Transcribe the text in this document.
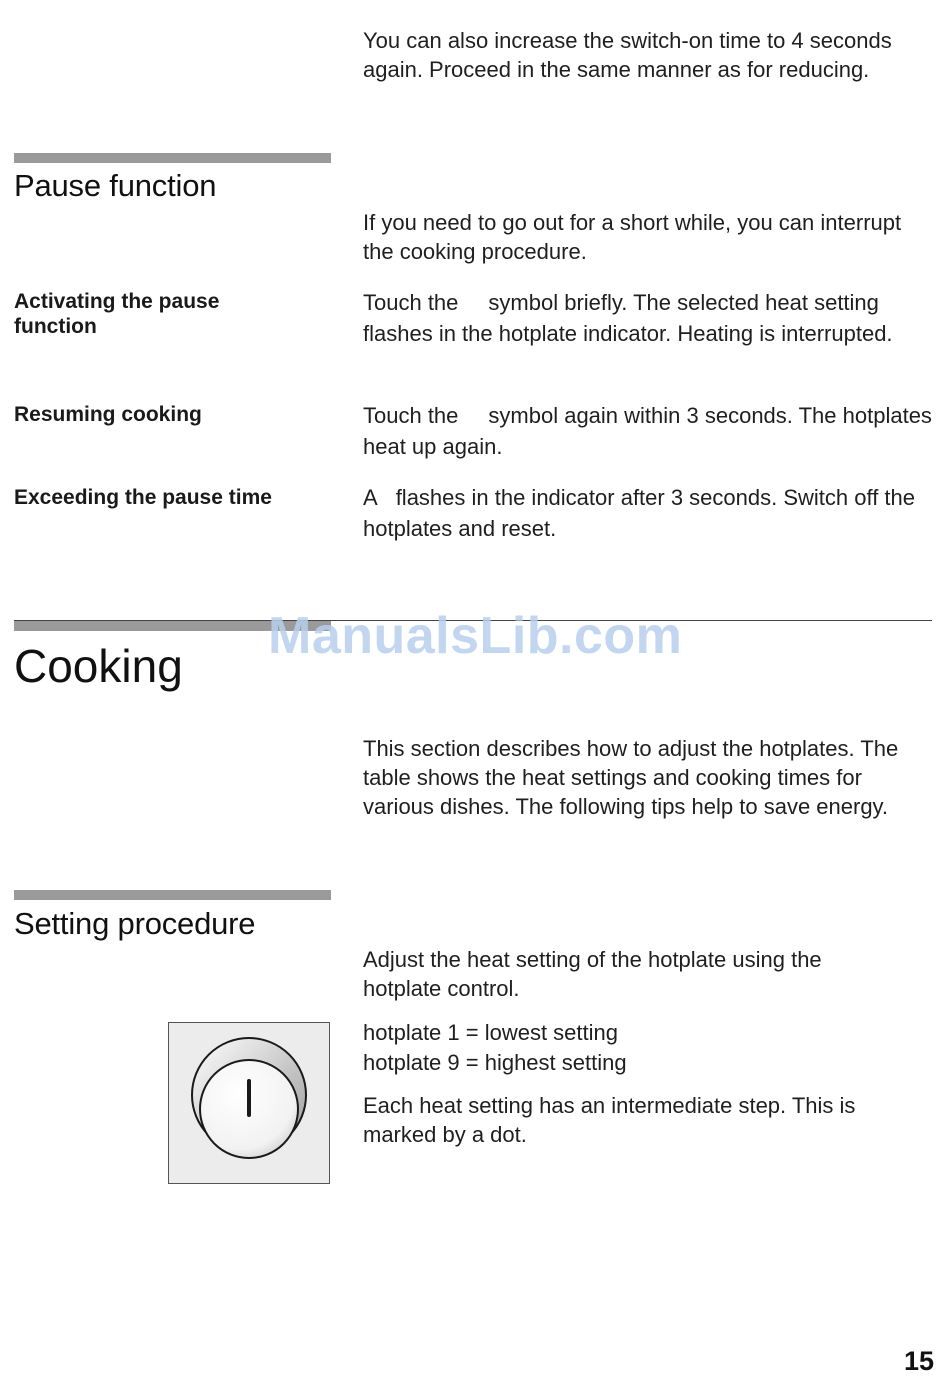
You can also increase the switch-on time to 4 seconds again. Proceed in the same manner as for reducing.

Pause function

If you need to go out for a short while, you can interrupt the cooking procedure.

Activating the pause function

Touch the symbol briefly. The selected heat setting flashes in the hotplate indicator. Heating is interrupted.

Resuming cooking	Touch the symbol again within 3 seconds. The hotplates heat up again.

Exceeding the pause time	A flashes in the indicator after 3 seconds. Switch off the hotplates and reset.

Cooking

This section describes how to adjust the hotplates. The table shows the heat settings and cooking times for various dishes. The following tips help to save energy.

Setting procedure

Adjust the heat setting of the hotplate using the hotplate control.

hotplate 1 = lowest setting

hotplate 9 = highest setting

Each heat setting has an intermediate step. This is marked by a dot.

ManualsLib.com
15
